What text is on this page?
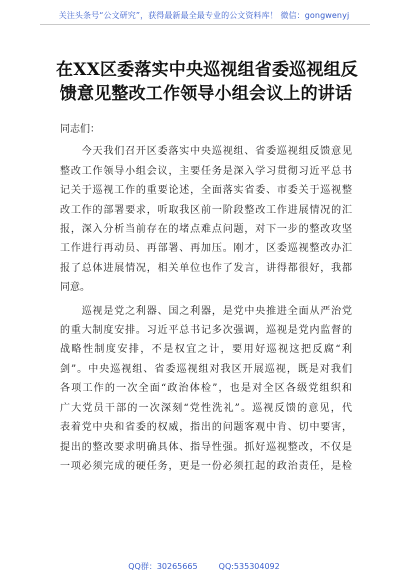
关注头条号“公文研究”，获得最新最全最专业的公文资料库！ 微信：gongwenyj
在XX区委落实中央巡视组省委巡视组反
馈意见整改工作领导小组会议上的讲话
同志们：

　　今天我们召开区委落实中央巡视组、省委巡视组反馈意见
整改工作领导小组会议，主要任务是深入学习贯彻习近平总书
记关于巡视工作的重要论述，全面落实省委、市委关于巡视整
改工作的部署要求，听取我区前一阶段整改工作进展情况的汇
报，深入分析当前存在的堵点难点问题，对下一步的整改攻坚
工作进行再动员、再部署、再加压。刚才，区委巡视整改办汇
报了总体进展情况，相关单位也作了发言，讲得都很好，我都
同意。

　　巡视是党之利器、国之利器，是党中央推进全面从严治党
的重大制度安排。习近平总书记多次强调，巡视是党内监督的
战略性制度安排，不是权宜之计，要用好巡视这把反腐“利
剑”。中央巡视组、省委巡视组对我区开展巡视，既是对我们
各项工作的一次全面“政治体检”，也是对全区各级党组织和
广大党员干部的一次深刻“党性洗礼”。巡视反馈的意见，代
表着党中央和省委的权威，指出的问题客观中肯、切中要害，
提出的整改要求明确具体、指导性强。抓好巡视整改，不仅是
一项必须完成的硬任务，更是一份必须扛起的政治责任，是检

QQ群：30265665	QQ:535304092
